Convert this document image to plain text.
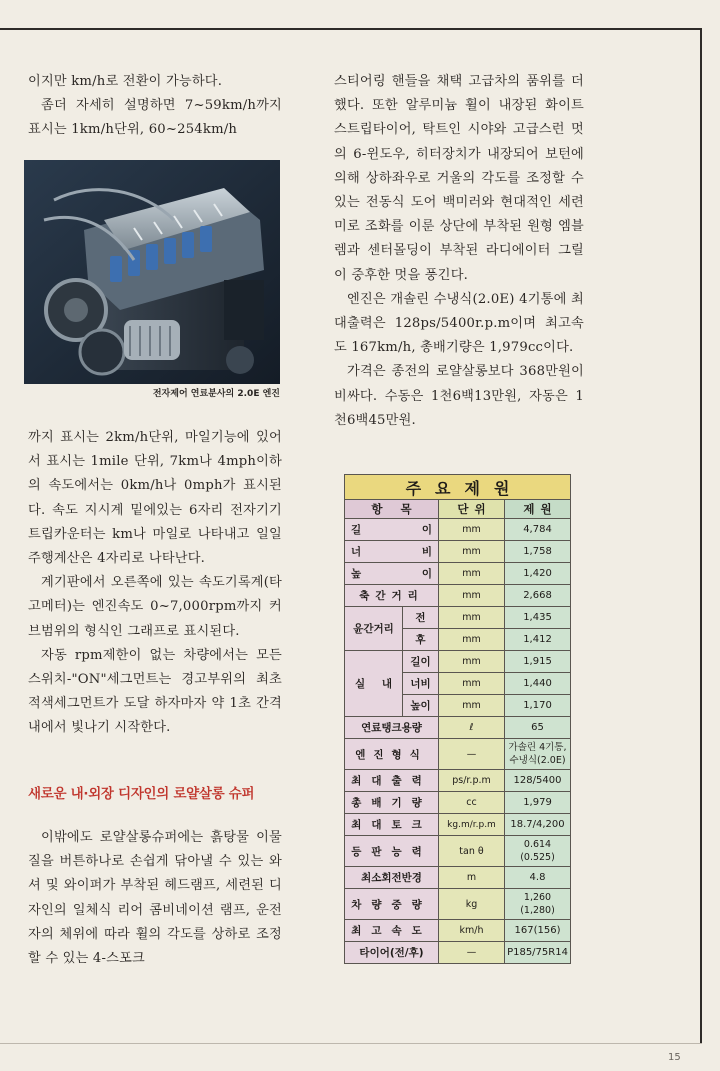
이지만 km/h로 전환이 가능하다.

좀더 자세히 설명하면 7~59km/h까지 표시는 1km/h단위, 60~254km/h

전자제어 연료분사의 2.0E 엔진

까지 표시는 2km/h단위, 마일기능에 있어서 표시는 1mile 단위, 7km나 4mph이하의 속도에서는 0km/h나 0mph가 표시된다. 속도 지시계 밑에있는 6자리 전자기기 트립카운터는 km나 마일로 나타내고 일일 주행계산은 4자리로 나타난다.

계기판에서 오른쪽에 있는 속도기록계(타고메터)는 엔진속도 0~7,000rpm까지 커브범위의 형식인 그래프로 표시된다.

자동 rpm제한이 없는 차량에서는 모든 스위치-"ON"세그먼트는 경고부위의 최초 적색세그먼트가 도달 하자마자 약 1초 간격내에서 빛나기 시작한다.

새로운 내·외장 디자인의 로얄살롱 슈퍼

이밖에도 로얄살롱슈퍼에는 흙탕물 이물질을 버튼하나로 손쉽게 닦아낼 수 있는 와셔 및 와이퍼가 부착된 헤드램프, 세련된 디자인의 일체식 리어 콤비네이션 램프, 운전자의 체위에 따라 휠의 각도를 상하로 조정할 수 있는 4-스포크

스티어링 핸들을 채택 고급차의 품위를 더했다. 또한 알루미늄 휠이 내장된 화이트 스트립타이어, 탁트인 시야와 고급스런 멋의 6-윈도우, 히터장치가 내장되어 보턴에 의해 상하좌우로 거울의 각도를 조정할 수 있는 전동식 도어 백미러와 현대적인 세련미로 조화를 이룬 상단에 부착된 원형 엠블렘과 센터몰딩이 부착된 라디에이터 그릴이 중후한 멋을 풍긴다.

엔진은 개솔린 수냉식(2.0E) 4기통에 최대출력은 128ps/5400r.p.m이며 최고속도 167km/h, 총배기량은 1,979cc이다.

가격은 종전의 로얄살롱보다 368만원이 비싸다. 수동은 1천6백13만원, 자동은 1천6백45만원.

주요제원			
항목		단위	제원

길 이		mm	4,784

너 비		mm	1,758

높 이		mm	1,420
축간거리		mm	2,668
윤간거리	전	mm	1,435
	후	mm	1,412

실 내	길이	mm	1,915
	너비	mm	1,440
	높이	mm	1,170
연료탱크용량		ℓ	65
엔진형식		—	가솔린 4기통,
수냉식(2.0E)
최대출력		ps/r.p.m	128/5400
총배기량		cc	1,979
최대토크		kg.m/r.p.m	18.7/4,200
등판능력		tan θ	0.614
(0.525)
최소회전반경		m	4.8
차량중량		kg	1,260
(1,280)
최고속도		km/h	167(156)
타이어(전/후)		—	P185/75R14
15
